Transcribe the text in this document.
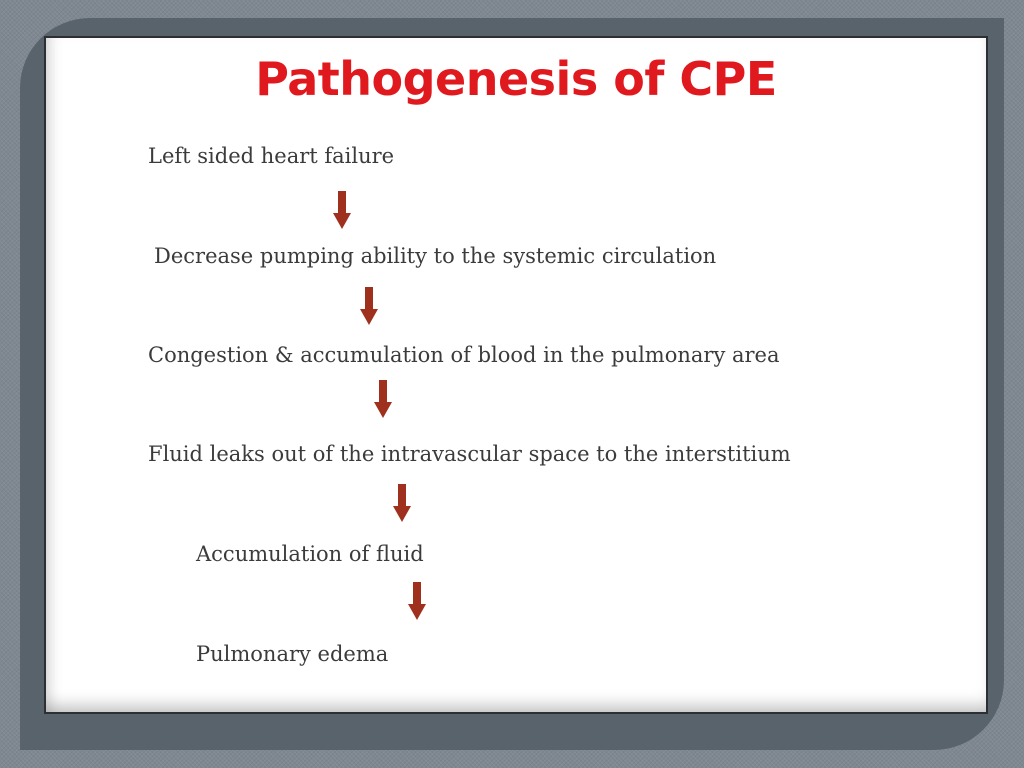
Pathogenesis of CPE

Left sided heart failure

Decrease pumping ability to the systemic circulation

Congestion & accumulation of blood in the pulmonary area

Fluid leaks out of the intravascular space to the interstitium

Accumulation of fluid

Pulmonary edema
